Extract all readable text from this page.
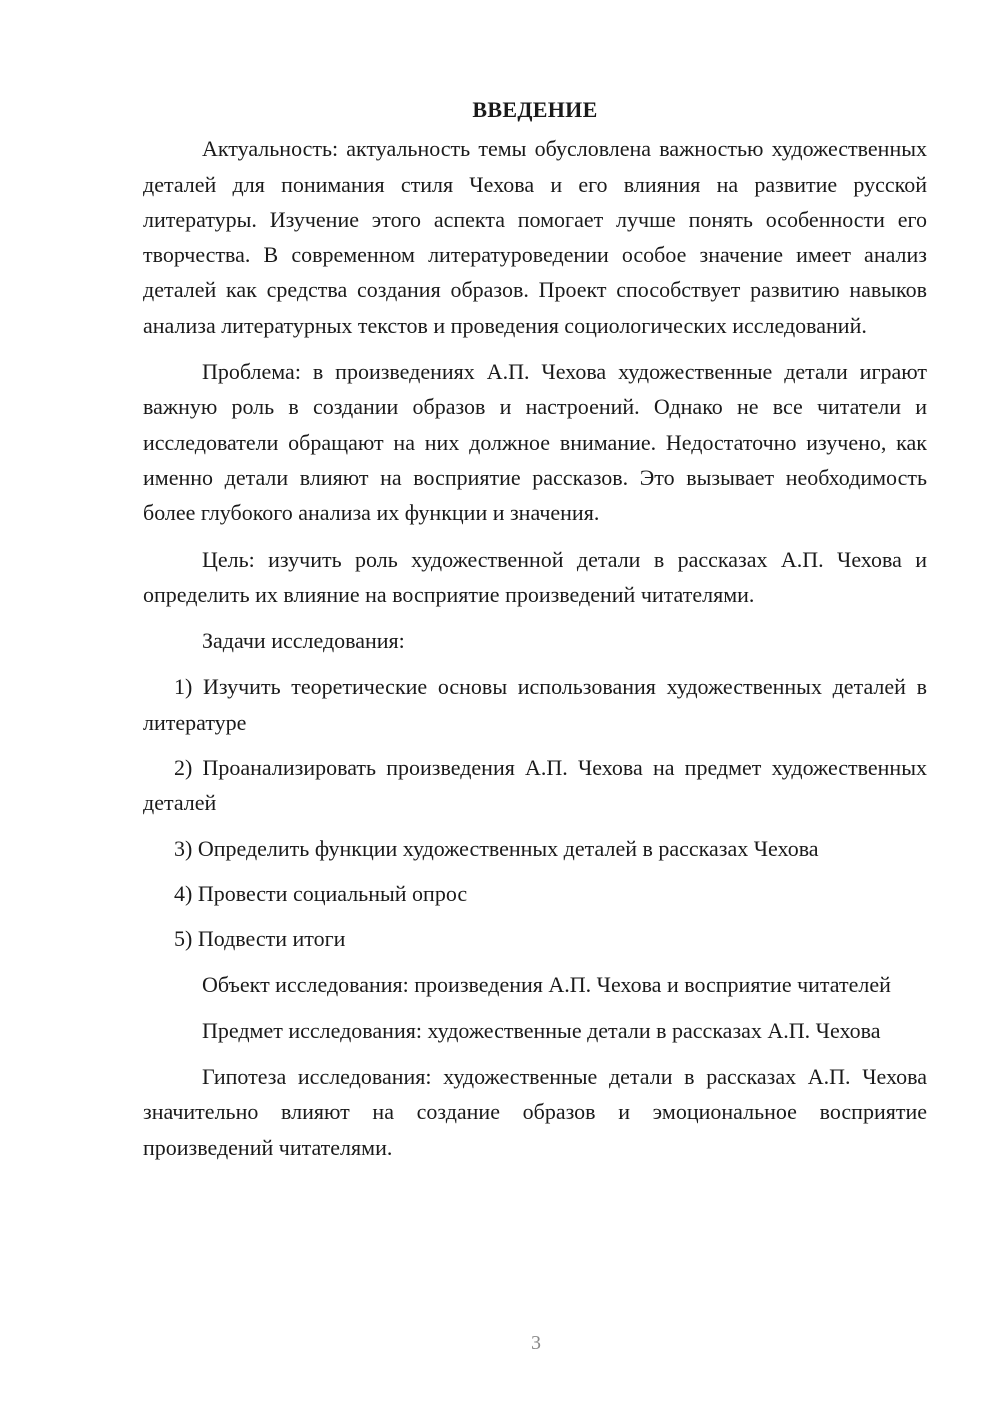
ВВЕДЕНИЕ

Актуальность: актуальность темы обусловлена важностью художественных деталей для понимания стиля Чехова и его влияния на развитие русской литературы. Изучение этого аспекта помогает лучше понять особенности его творчества. В современном литературоведении особое значение имеет анализ деталей как средства создания образов. Проект способствует развитию навыков анализа литературных текстов и проведения социологических исследований.

Проблема: в произведениях А.П. Чехова художественные детали играют важную роль в создании образов и настроений. Однако не все читатели и исследователи обращают на них должное внимание. Недостаточно изучено, как именно детали влияют на восприятие рассказов. Это вызывает необходимость более глубокого анализа их функции и значения.

Цель: изучить роль художественной детали в рассказах А.П. Чехова и определить их влияние на восприятие произведений читателями.

Задачи исследования:

1) Изучить теоретические основы использования художественных деталей в литературе

2) Проанализировать произведения А.П. Чехова на предмет художественных деталей

3) Определить функции художественных деталей в рассказах Чехова

4) Провести социальный опрос

5) Подвести итоги

Объект исследования: произведения А.П. Чехова и восприятие читателей

Предмет исследования: художественные детали в рассказах А.П. Чехова

Гипотеза исследования: художественные детали в рассказах А.П. Чехова значительно влияют на создание образов и эмоциональное восприятие произведений читателями.

3
